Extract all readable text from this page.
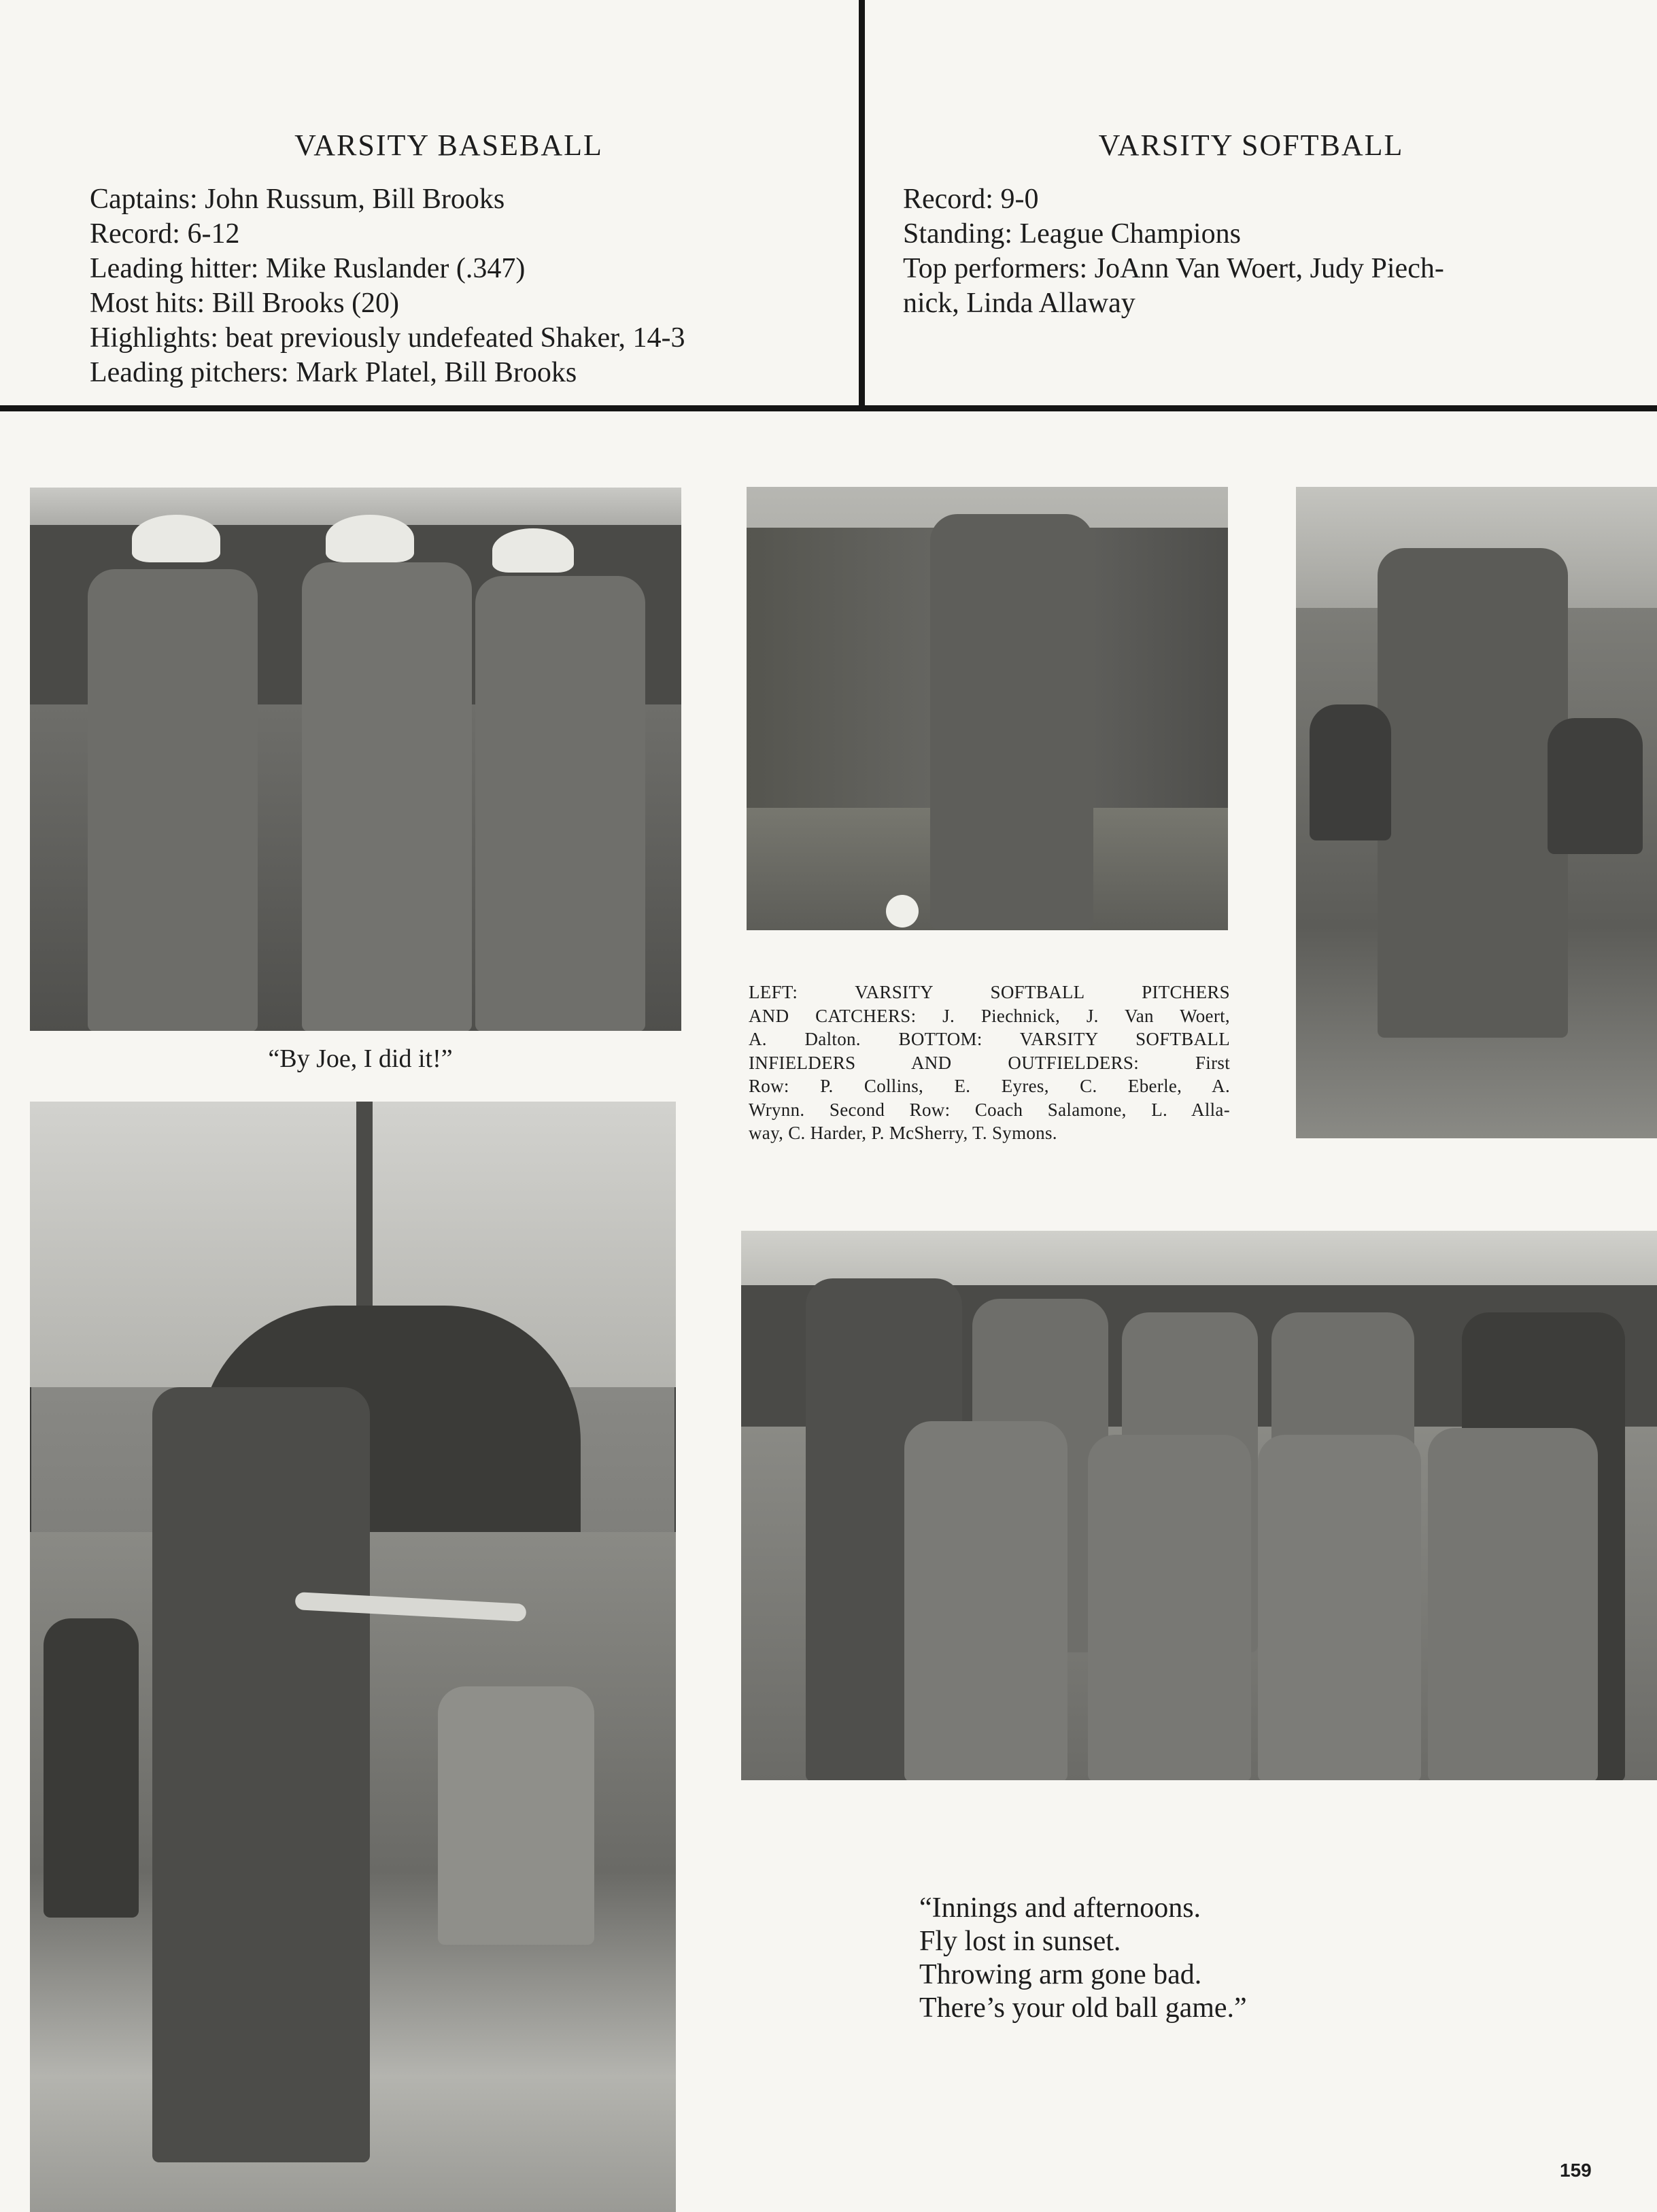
VARSITY BASEBALL
Captains: John Russum, Bill Brooks
Record: 6-12
Leading hitter: Mike Ruslander (.347)
Most hits: Bill Brooks (20)
Highlights: beat previously undefeated Shaker, 14-3
Leading pitchers: Mark Platel, Bill Brooks
VARSITY SOFTBALL
Record: 9-0
Standing: League Champions
Top performers: JoAnn Van Woert, Judy Piech-
nick, Linda Allaway
“By Joe, I did it!”
LEFT: VARSITY SOFTBALL PITCHERS
AND CATCHERS: J. Piechnick, J. Van Woert,
A. Dalton. BOTTOM: VARSITY SOFTBALL
INFIELDERS AND OUTFIELDERS: First
Row: P. Collins, E. Eyres, C. Eberle, A.
Wrynn. Second Row: Coach Salamone, L. Alla-
way, C. Harder, P. McSherry, T. Symons.
“Innings and afternoons.
Fly lost in sunset.
Throwing arm gone bad.
There’s your old ball game.”
159
